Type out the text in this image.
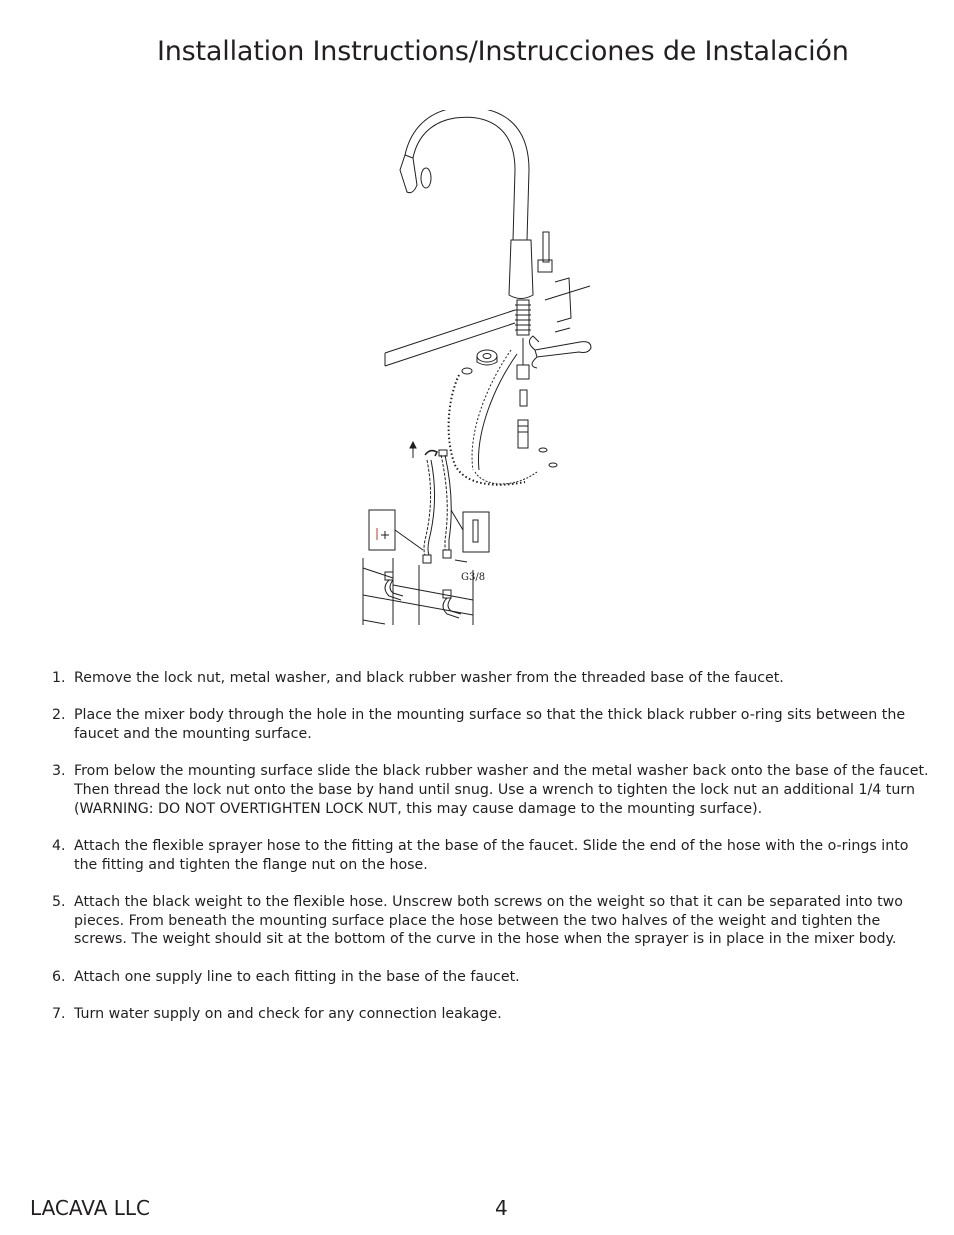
Installation Instructions/Instrucciones de Instalación
G3/8
1. Remove the lock nut, metal washer, and black rubber washer from the threaded base of the faucet.
2. Place the mixer body through the hole in the mounting surface so that the thick black rubber o-ring sits between the faucet and the mounting surface.
3. From below the mounting surface slide the black rubber washer and the metal washer back onto the base of the faucet. Then thread the lock nut onto the base by hand until snug. Use a wrench to tighten the lock nut an additional 1/4 turn (WARNING: DO NOT OVERTIGHTEN LOCK NUT, this may cause damage to the mounting surface).
4. Attach the flexible sprayer hose to the fitting at the base of the faucet. Slide the end of the hose with the o-rings into the fitting and tighten the flange nut on the hose.
5. Attach the black weight to the flexible hose. Unscrew both screws on the weight so that it can be separated into two pieces. From beneath the mounting surface place the hose between the two halves of the weight and tighten the screws. The weight should sit at the bottom of the curve in the hose when the sprayer is in place in the mixer body.
6. Attach one supply line to each fitting in the base of the faucet.
7. Turn water supply on and check for any connection leakage.
LACAVA LLC	4
